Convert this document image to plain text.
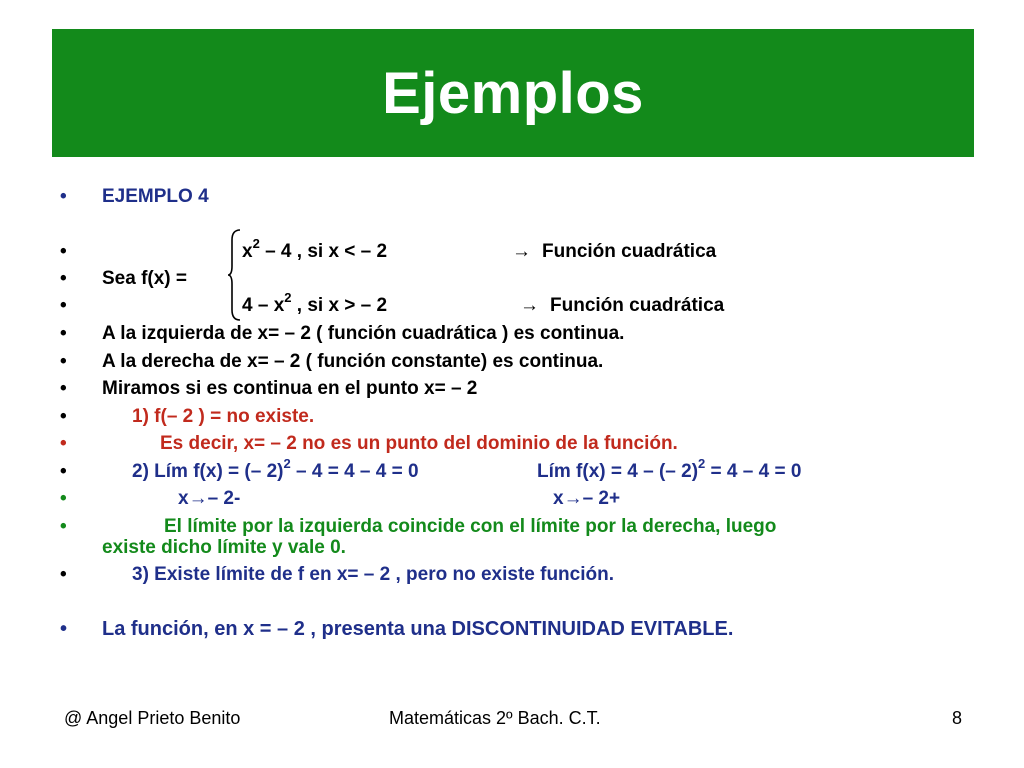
Ejemplos
• EJEMPLO 4
•	$x^2 - 4$ , si x < – 2	→ Función cuadrática
• Sea f(x) =
•	$4 - x^2$ , si x > – 2	→ Función cuadrática
• A la izquierda de x= – 2 ( función cuadrática ) es continua.
• A la derecha de x= – 2 ( función constante) es continua.
• Miramos si es continua en el punto x= – 2
•	1) f(– 2 ) = no existe.
•	Es decir, x= – 2 no es un punto del dominio de la función.
•	2) Lím f(x) = (– 2)$^2$ – 4 = 4 – 4 = 0	Lím f(x) = 4 – (– 2)$^2$ = 4 – 4 = 0
•	x→– 2-	x→– 2+
•	El límite por la izquierda coincide con el límite por la derecha, luego
existe dicho límite y vale 0.
•	3) Existe límite de f en x= – 2 , pero no existe función.
• La función, en x = – 2 , presenta una DISCONTINUIDAD EVITABLE.
@ Angel Prieto Benito	Matemáticas 2º Bach. C.T.	8
